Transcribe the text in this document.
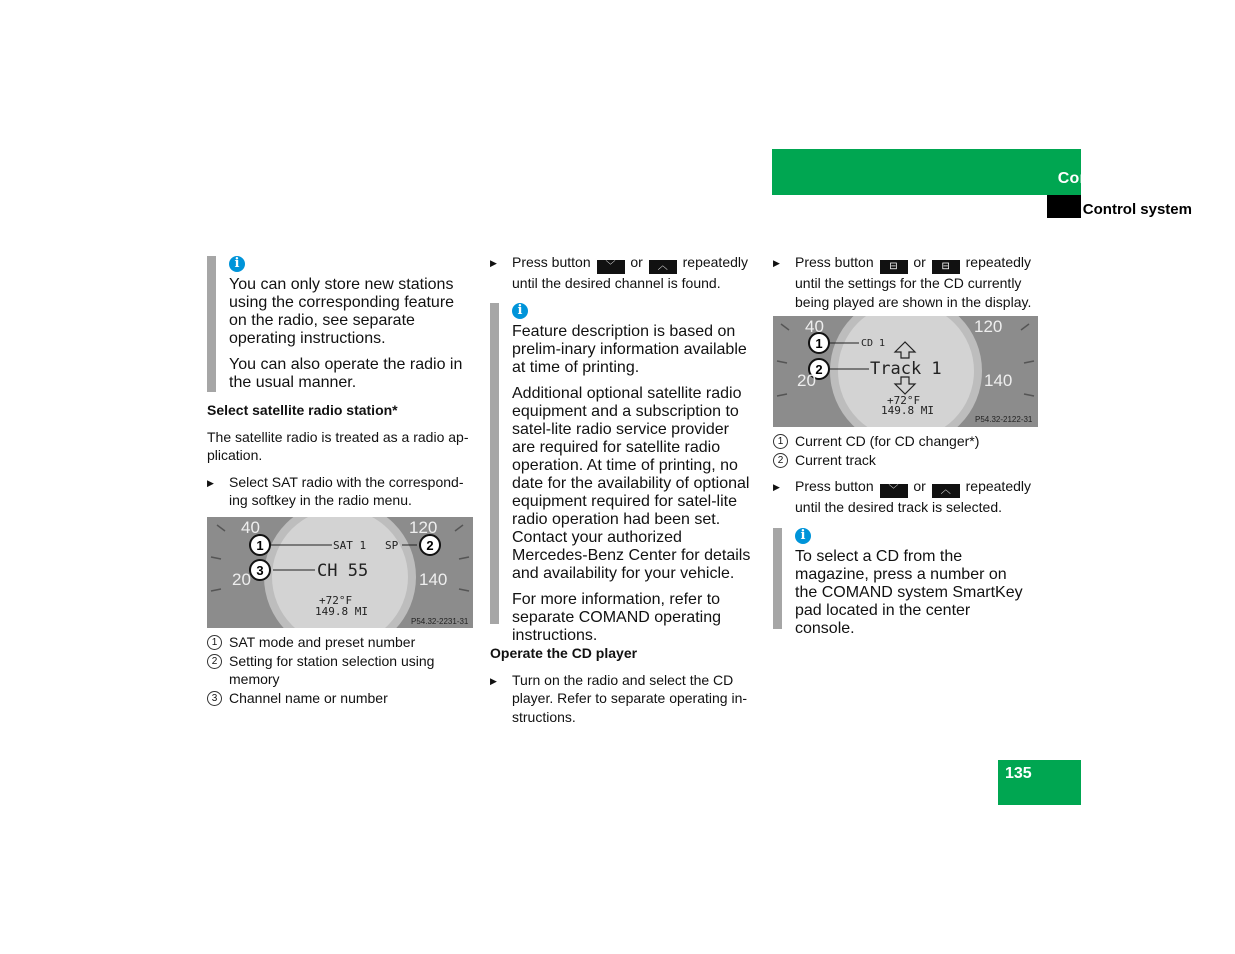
Controls in detail
Control system
i

You can only store new stations using the corresponding feature on the radio, see separate operating instructions.

You can also operate the radio in the usual manner.

Select satellite radio station*

The satellite radio is treated as a radio ap-plication.

▶ Select SAT radio with the correspond-ing softkey in the radio menu.

1
3
2
40
20
120
140
SAT 1 SP
CH 55
+72°F
149.8 MI
P54.32-2231-31

1 SAT mode and preset number

2 Setting for station selection using memory

3 Channel name or number

▶ Press button ﹀ or ︿ repeatedly until the desired channel is found.

i

Feature description is based on prelim-inary information available at time of printing.

Additional optional satellite radio equipment and a subscription to satel-lite radio service provider are required for satellite radio operation. At time of printing, no date for the availability of optional equipment required for satel-lite radio operation had been set. Contact your authorized Mercedes-Benz Center for details and availability for your vehicle.

For more information, refer to separate COMAND operating instructions.

Operate the CD player

▶ Turn on the radio and select the CD player. Refer to separate operating in-structions.

▶ Press button ⊟ or ⊟ repeatedly until the settings for the CD currently being played are shown in the display.

1
2
40
20
120
140
CD 1
Track 1
+72°F
149.8 MI
P54.32-2122-31

1 Current CD (for CD changer*)

2 Current track

▶ Press button ﹀ or ︿ repeatedly until the desired track is selected.

i

To select a CD from the magazine, press a number on the COMAND system SmartKey pad located in the center console.

135
